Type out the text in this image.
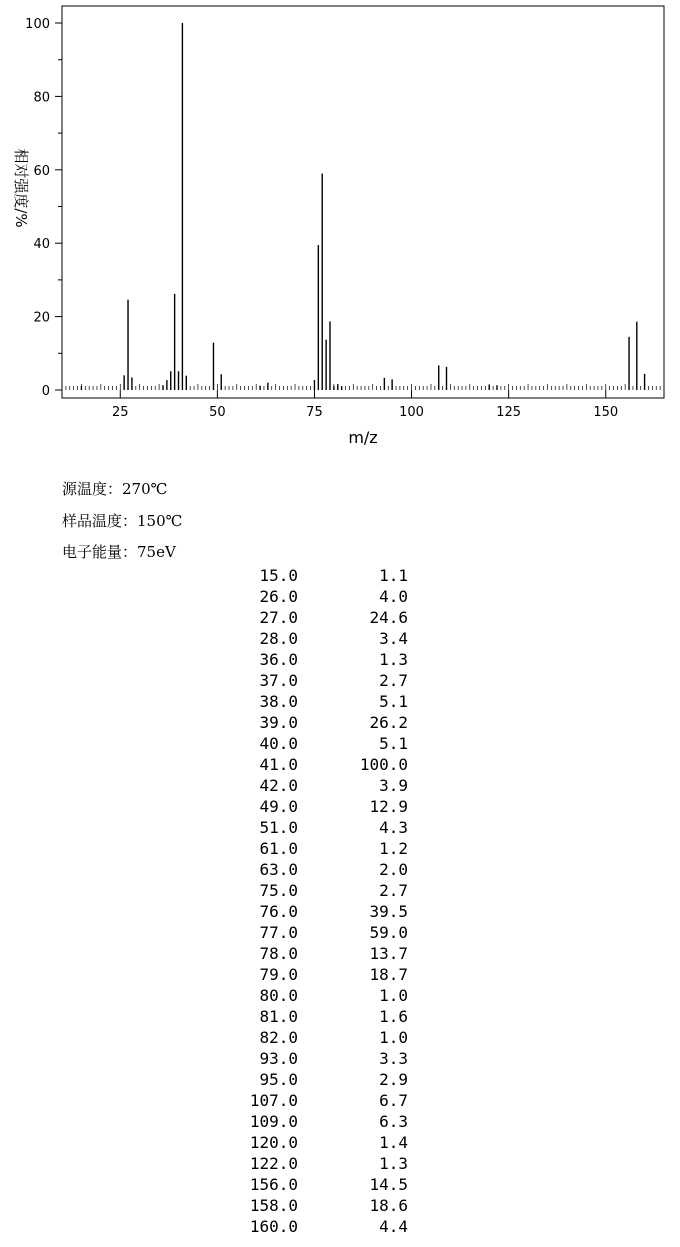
25	50	75	100	125	150
0
20
40
60
80
100
m/z
相对强度/%
源温度：270℃
样品温度：150℃
电子能量：75eV
15.0	1.1
26.0	4.0
27.0	24.6
28.0	3.4
36.0	1.3
37.0	2.7
38.0	5.1
39.0	26.2
40.0	5.1
41.0	100.0
42.0	3.9
49.0	12.9
51.0	4.3
61.0	1.2
63.0	2.0
75.0	2.7
76.0	39.5
77.0	59.0
78.0	13.7
79.0	18.7
80.0	1.0
81.0	1.6
82.0	1.0
93.0	3.3
95.0	2.9
107.0	6.7
109.0	6.3
120.0	1.4
122.0	1.3
156.0	14.5
158.0	18.6
160.0	4.4
